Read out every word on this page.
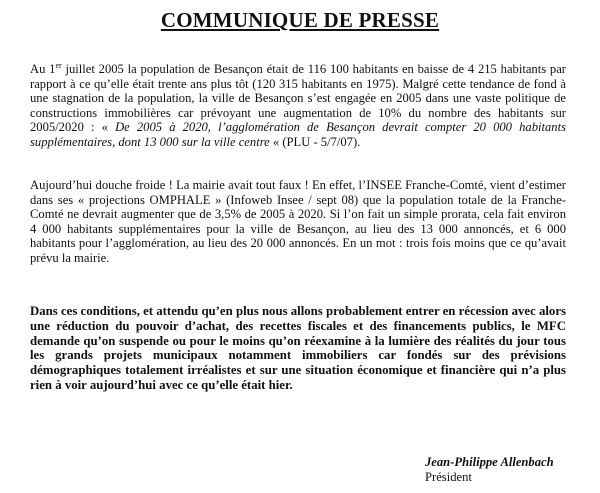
COMMUNIQUE DE PRESSE
Au 1er juillet 2005 la population de Besançon était de 116 100 habitants en baisse de 4 215 habitants par rapport à ce qu’elle était trente ans plus tôt (120 315 habitants en 1975). Malgré cette tendance de fond à une stagnation de la population, la ville de Besançon s’est engagée en 2005 dans une vaste politique de constructions immobilières car prévoyant une augmentation de 10% du nombre des habitants sur 2005/2020 : « De 2005 à 2020, l’agglomération de Besançon devrait compter 20 000 habitants supplémentaires, dont 13 000 sur la ville centre « (PLU - 5/7/07).
Aujourd’hui douche froide ! La mairie avait tout faux ! En effet, l’INSEE Franche-Comté, vient d’estimer dans ses « projections OMPHALE » (Infoweb Insee / sept 08) que la population totale de la Franche-Comté ne devrait augmenter que de 3,5% de 2005 à 2020. Si l’on fait un simple prorata, cela fait environ 4 000 habitants supplémentaires pour la ville de Besançon, au lieu des 13 000 annoncés, et 6 000 habitants pour l’agglomération, au lieu des 20 000 annoncés. En un mot : trois fois moins que ce qu’avait prévu la mairie.
Dans ces conditions, et attendu qu’en plus nous allons probablement entrer en récession avec alors une réduction du pouvoir d’achat, des recettes fiscales et des financements publics, le MFC demande qu’on suspende ou pour le moins qu’on réexamine à la lumière des réalités du jour tous les grands projets municipaux notamment immobiliers car fondés sur des prévisions démographiques totalement irréalistes et sur une situation économique et financière qui n’a plus rien à voir aujourd’hui avec ce qu’elle était hier.
Jean-Philippe Allenbach
Président
